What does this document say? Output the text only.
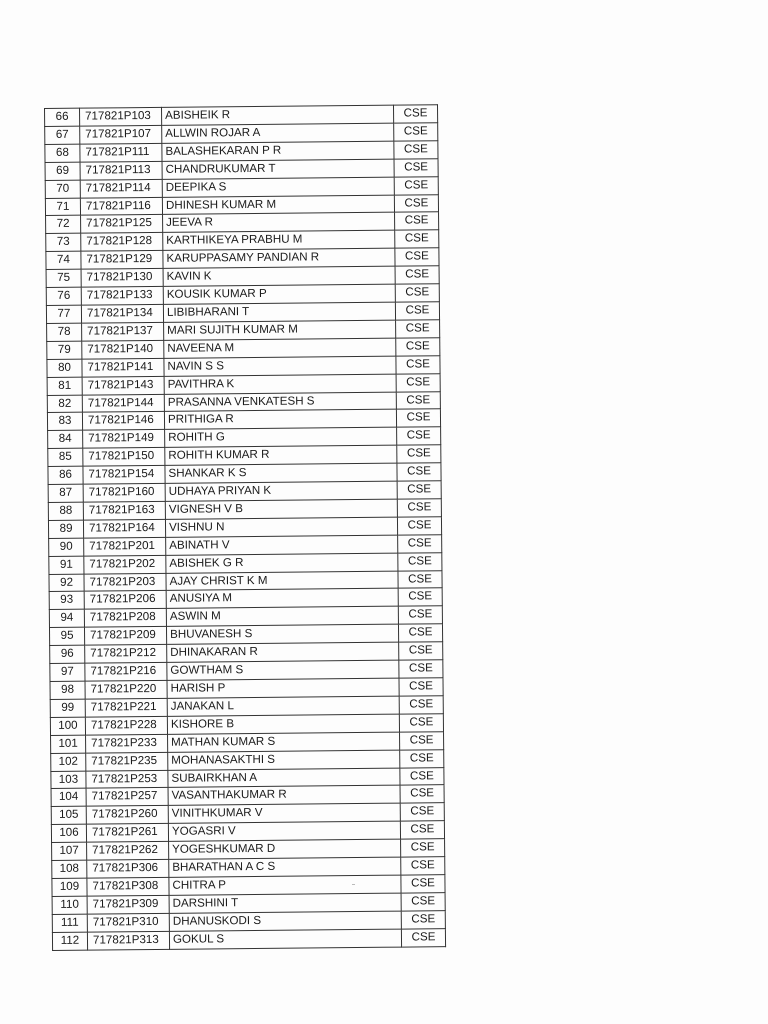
66	717821P103	ABISHEIK R	CSE
67	717821P107	ALLWIN ROJAR A	CSE
68	717821P111	BALASHEKARAN P R	CSE
69	717821P113	CHANDRUKUMAR T	CSE
70	717821P114	DEEPIKA S	CSE
71	717821P116	DHINESH KUMAR M	CSE
72	717821P125	JEEVA R	CSE
73	717821P128	KARTHIKEYA PRABHU M	CSE
74	717821P129	KARUPPASAMY PANDIAN R	CSE
75	717821P130	KAVIN K	CSE
76	717821P133	KOUSIK KUMAR P	CSE
77	717821P134	LIBIBHARANI T	CSE
78	717821P137	MARI SUJITH KUMAR M	CSE
79	717821P140	NAVEENA M	CSE
80	717821P141	NAVIN S S	CSE
81	717821P143	PAVITHRA K	CSE
82	717821P144	PRASANNA VENKATESH S	CSE
83	717821P146	PRITHIGA R	CSE
84	717821P149	ROHITH G	CSE
85	717821P150	ROHITH KUMAR R	CSE
86	717821P154	SHANKAR K S	CSE
87	717821P160	UDHAYA PRIYAN K	CSE
88	717821P163	VIGNESH V B	CSE
89	717821P164	VISHNU N	CSE
90	717821P201	ABINATH V	CSE
91	717821P202	ABISHEK G R	CSE
92	717821P203	AJAY CHRIST K M	CSE
93	717821P206	ANUSIYA M	CSE
94	717821P208	ASWIN M	CSE
95	717821P209	BHUVANESH S	CSE
96	717821P212	DHINAKARAN R	CSE
97	717821P216	GOWTHAM S	CSE
98	717821P220	HARISH P	CSE
99	717821P221	JANAKAN L	CSE
100	717821P228	KISHORE B	CSE
101	717821P233	MATHAN KUMAR S	CSE
102	717821P235	MOHANASAKTHI S	CSE
103	717821P253	SUBAIRKHAN A	CSE
104	717821P257	VASANTHAKUMAR R	CSE
105	717821P260	VINITHKUMAR V	CSE
106	717821P261	YOGASRI V	CSE
107	717821P262	YOGESHKUMAR D	CSE
108	717821P306	BHARATHAN A C S	CSE
109	717821P308	CHITRA P	CSE
110	717821P309	DARSHINI T	CSE
111	717821P310	DHANUSKODI S	CSE
112	717821P313	GOKUL S	CSE
